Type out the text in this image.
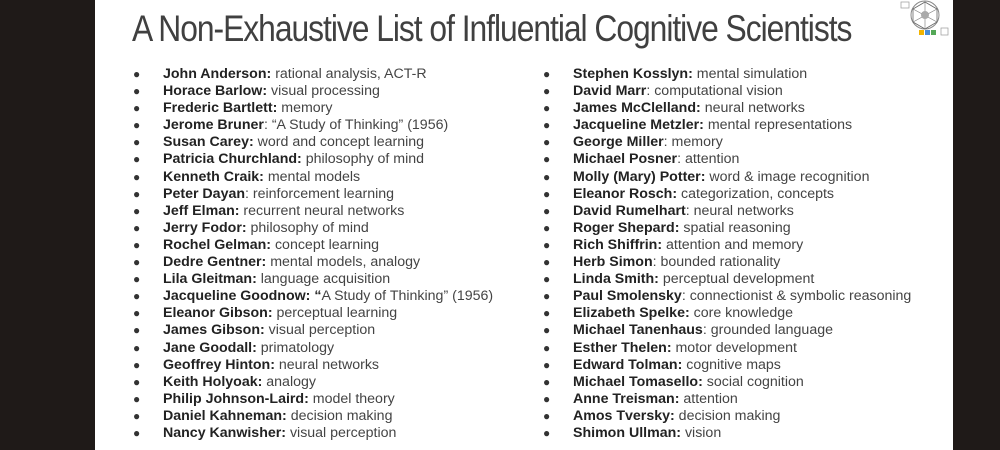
A Non-Exhaustive List of Influential Cognitive Scientists
● John Anderson: rational analysis, ACT-R
● Horace Barlow: visual processing
● Frederic Bartlett: memory
● Jerome Bruner: “A Study of Thinking” (1956)
● Susan Carey: word and concept learning
● Patricia Churchland: philosophy of mind
● Kenneth Craik: mental models
● Peter Dayan: reinforcement learning
● Jeff Elman: recurrent neural networks
● Jerry Fodor: philosophy of mind
● Rochel Gelman: concept learning
● Dedre Gentner: mental models, analogy
● Lila Gleitman: language acquisition
● Jacqueline Goodnow: “A Study of Thinking” (1956)
● Eleanor Gibson: perceptual learning
● James Gibson: visual perception
● Jane Goodall: primatology
● Geoffrey Hinton: neural networks
● Keith Holyoak: analogy
● Philip Johnson-Laird: model theory
● Daniel Kahneman: decision making
● Nancy Kanwisher: visual perception
● Stephen Kosslyn: mental simulation
● David Marr: computational vision
● James McClelland: neural networks
● Jacqueline Metzler: mental representations
● George Miller: memory
● Michael Posner: attention
● Molly (Mary) Potter: word & image recognition
● Eleanor Rosch: categorization, concepts
● David Rumelhart: neural networks
● Roger Shepard: spatial reasoning
● Rich Shiffrin: attention and memory
● Herb Simon: bounded rationality
● Linda Smith: perceptual development
● Paul Smolensky: connectionist & symbolic reasoning
● Elizabeth Spelke: core knowledge
● Michael Tanenhaus: grounded language
● Esther Thelen: motor development
● Edward Tolman: cognitive maps
● Michael Tomasello: social cognition
● Anne Treisman: attention
● Amos Tversky: decision making
● Shimon Ullman: vision
